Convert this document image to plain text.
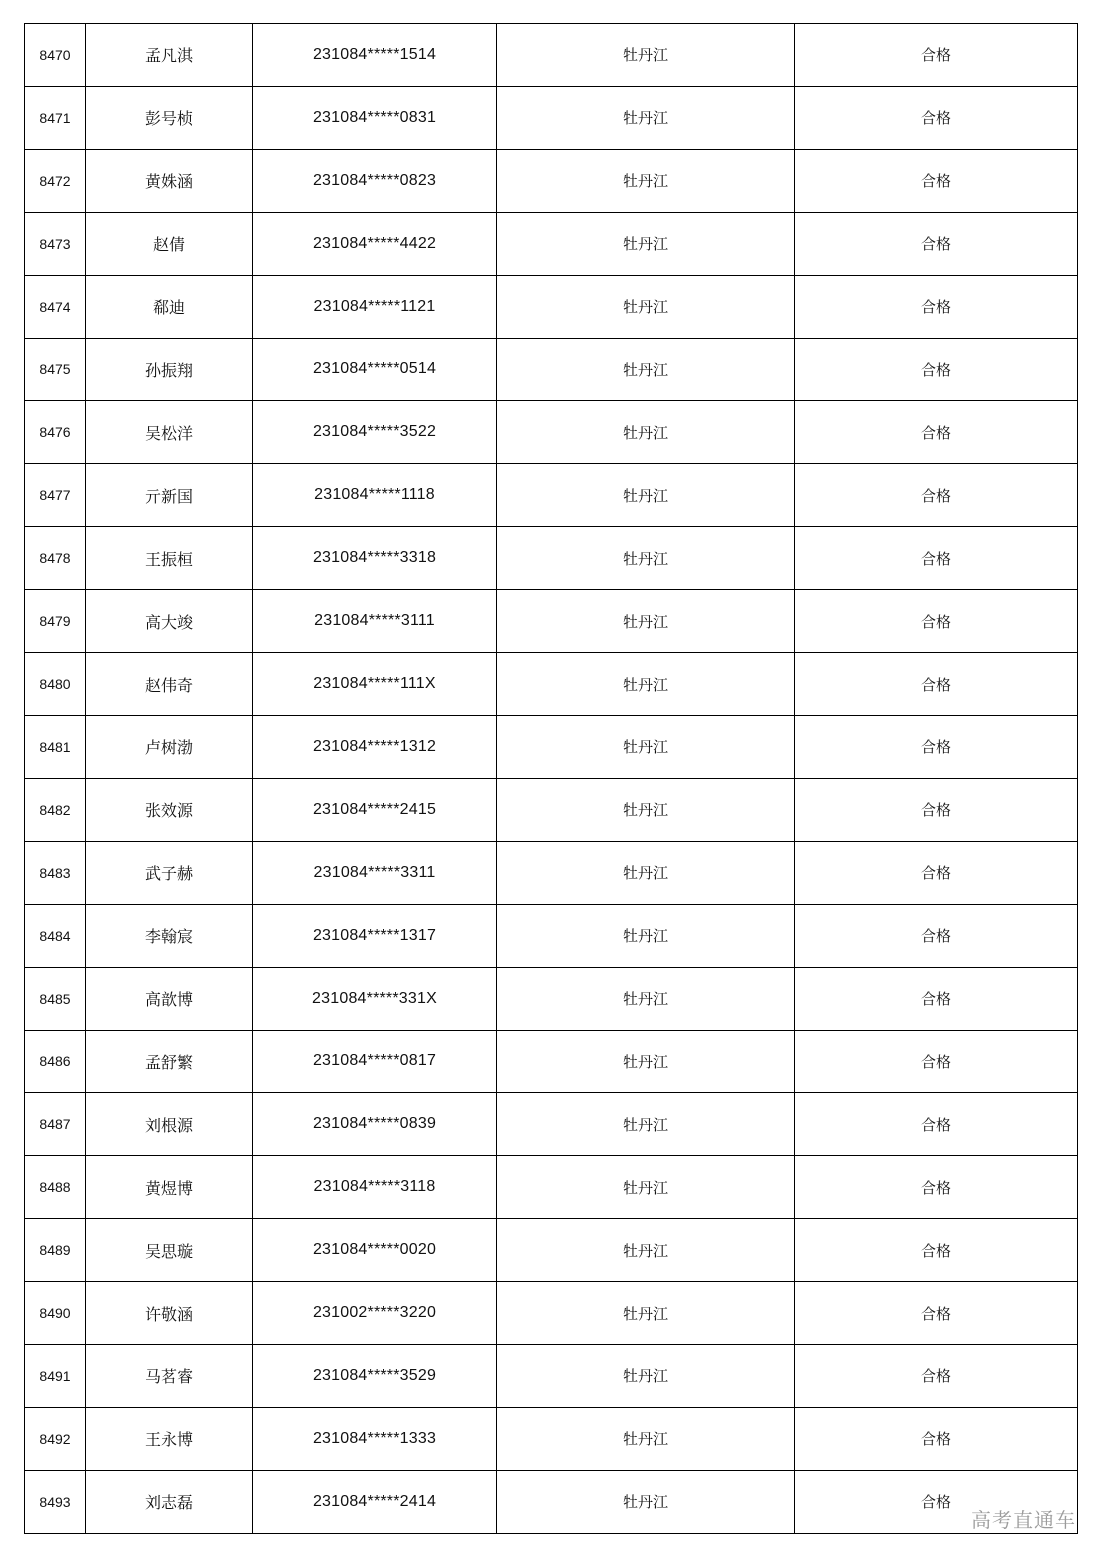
8470	孟凡淇	231084*****1514	牡丹江	合格
8471	彭号桢	231084*****0831	牡丹江	合格
8472	黄姝涵	231084*****0823	牡丹江	合格
8473	赵倩	231084*****4422	牡丹江	合格
8474	郗迪	231084*****1121	牡丹江	合格
8475	孙振翔	231084*****0514	牡丹江	合格
8476	吴松洋	231084*****3522	牡丹江	合格
8477	亓新国	231084*****1118	牡丹江	合格
8478	王振桓	231084*****3318	牡丹江	合格
8479	高大竣	231084*****3111	牡丹江	合格
8480	赵伟奇	231084*****111X	牡丹江	合格
8481	卢树渤	231084*****1312	牡丹江	合格
8482	张效源	231084*****2415	牡丹江	合格
8483	武子赫	231084*****3311	牡丹江	合格
8484	李翰宸	231084*****1317	牡丹江	合格
8485	高歆博	231084*****331X	牡丹江	合格
8486	孟舒繁	231084*****0817	牡丹江	合格
8487	刘根源	231084*****0839	牡丹江	合格
8488	黄煜博	231084*****3118	牡丹江	合格
8489	吴思璇	231084*****0020	牡丹江	合格
8490	许敬涵	231002*****3220	牡丹江	合格
8491	马茗睿	231084*****3529	牡丹江	合格
8492	王永博	231084*****1333	牡丹江	合格
8493	刘志磊	231084*****2414	牡丹江	合格
高考直通车
